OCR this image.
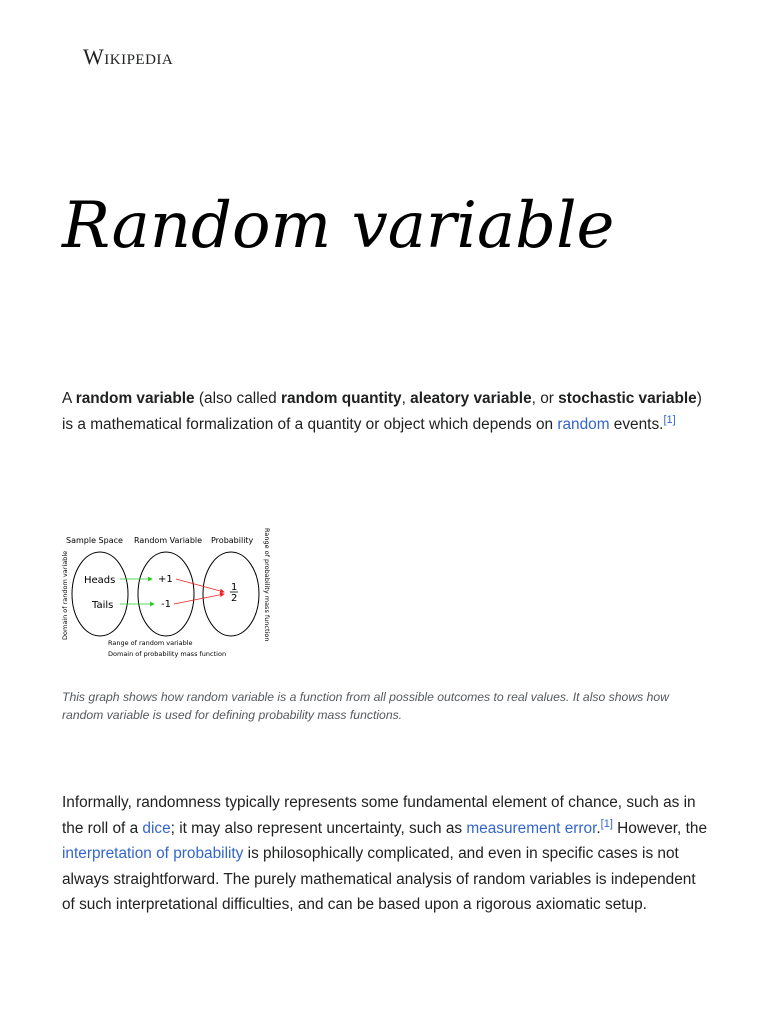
Wikipedia
Random variable

A random variable (also called random quantity, aleatory variable, or stochastic variable) is a mathematical formalization of a quantity or object which depends on random events.[1]

Sample Space Random Variable Probability
Heads
Tails
+1
-1
1
2
Domain of random variable	Range of probability mass function
Range of random variable
Domain of probability mass function

This graph shows how random variable is a function from all possible outcomes to real values. It also shows how random variable is used for defining probability mass functions.

Informally, randomness typically represents some fundamental element of chance, such as in the roll of a dice; it may also represent uncertainty, such as measurement error.[1] However, the interpretation of probability is philosophically complicated, and even in specific cases is not always straightforward. The purely mathematical analysis of random variables is independent of such interpretational difficulties, and can be based upon a rigorous axiomatic setup.
